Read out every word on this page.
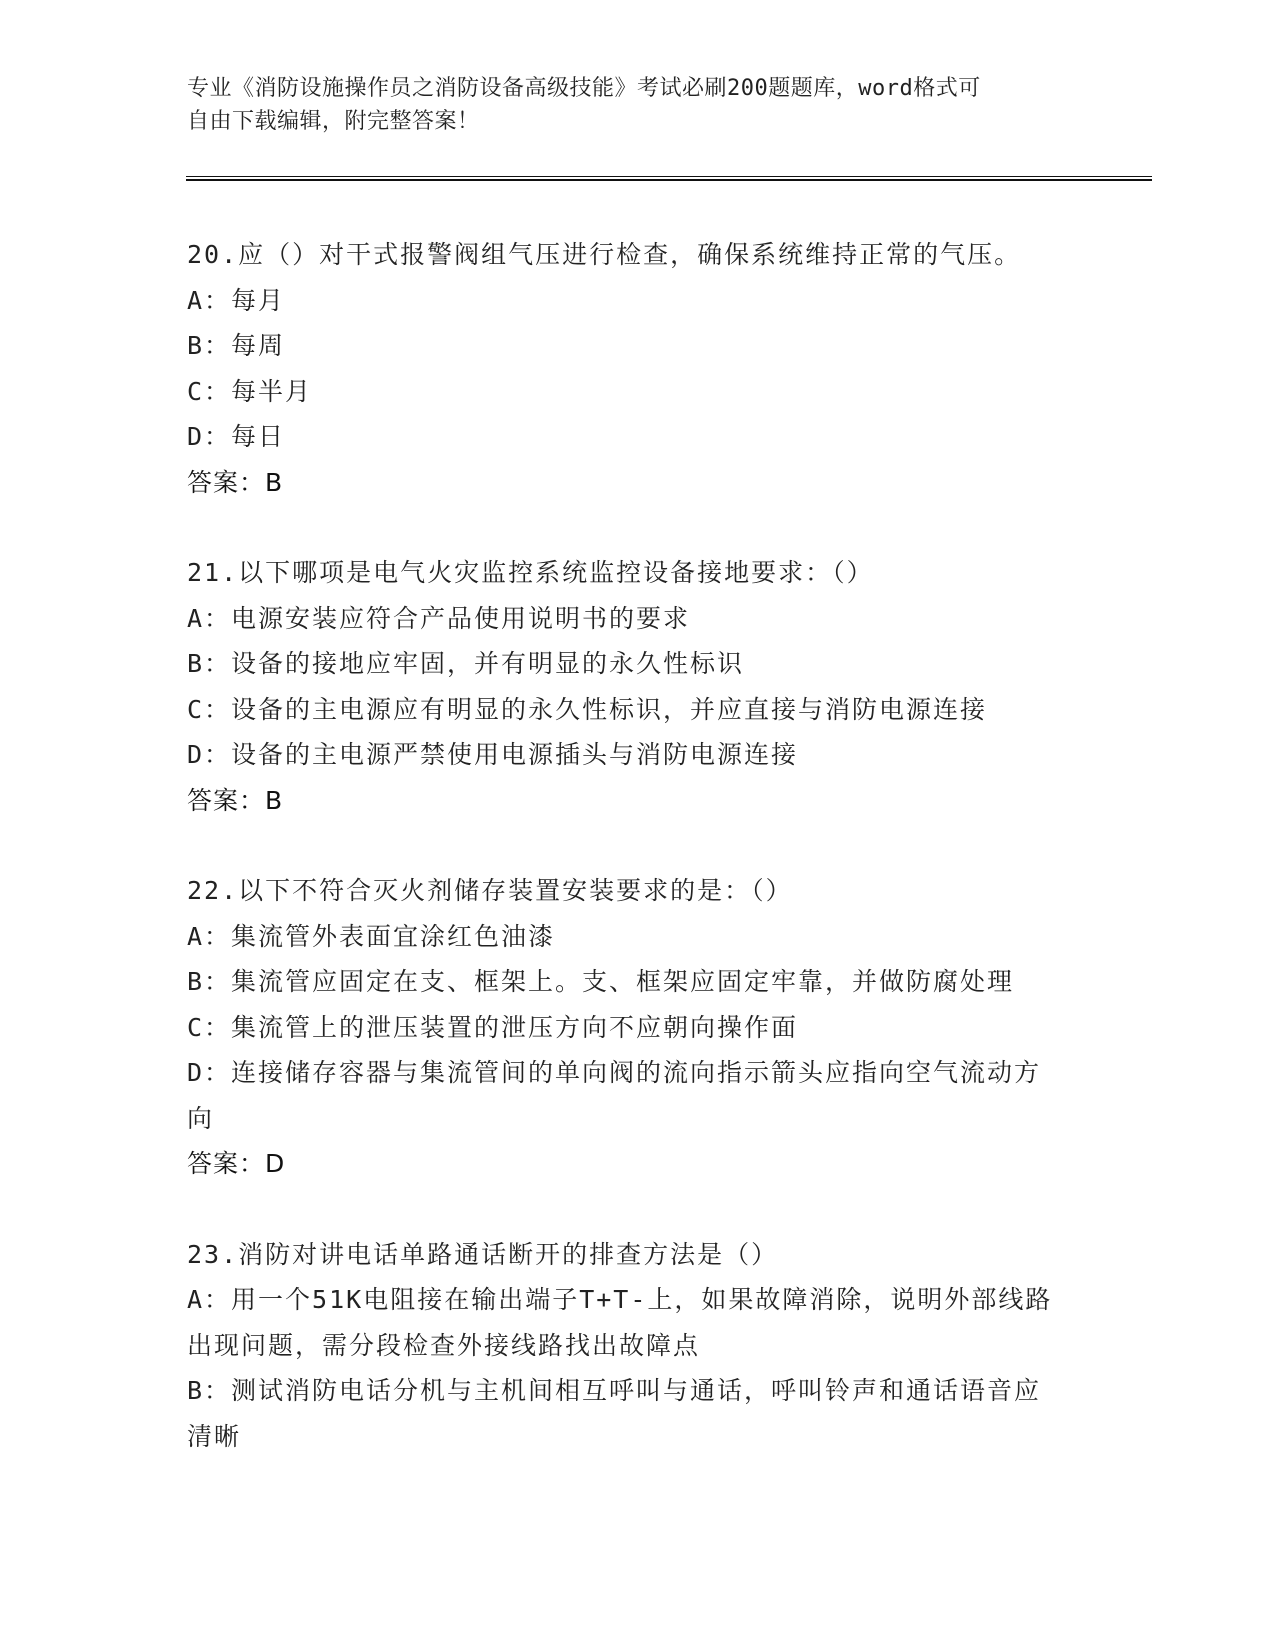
专业《消防设施操作员之消防设备高级技能》考试必刷200题题库，word格式可
自由下载编辑，附完整答案！
20.应（）对干式报警阀组气压进行检查，确保系统维持正常的气压。
A：每月
B：每周
C：每半月
D：每日
答案：B
21.以下哪项是电气火灾监控系统监控设备接地要求：（）
A：电源安装应符合产品使用说明书的要求
B：设备的接地应牢固，并有明显的永久性标识
C：设备的主电源应有明显的永久性标识，并应直接与消防电源连接
D：设备的主电源严禁使用电源插头与消防电源连接
答案：B
22.以下不符合灭火剂储存装置安装要求的是：（）
A：集流管外表面宜涂红色油漆
B：集流管应固定在支、框架上。支、框架应固定牢靠，并做防腐处理
C：集流管上的泄压装置的泄压方向不应朝向操作面
D：连接储存容器与集流管间的单向阀的流向指示箭头应指向空气流动方向
答案：D
23.消防对讲电话单路通话断开的排查方法是（）
A：用一个51K电阻接在输出端子T+T-上，如果故障消除，说明外部线路出现问题，需分段检查外接线路找出故障点
B：测试消防电话分机与主机间相互呼叫与通话，呼叫铃声和通话语音应清晰
